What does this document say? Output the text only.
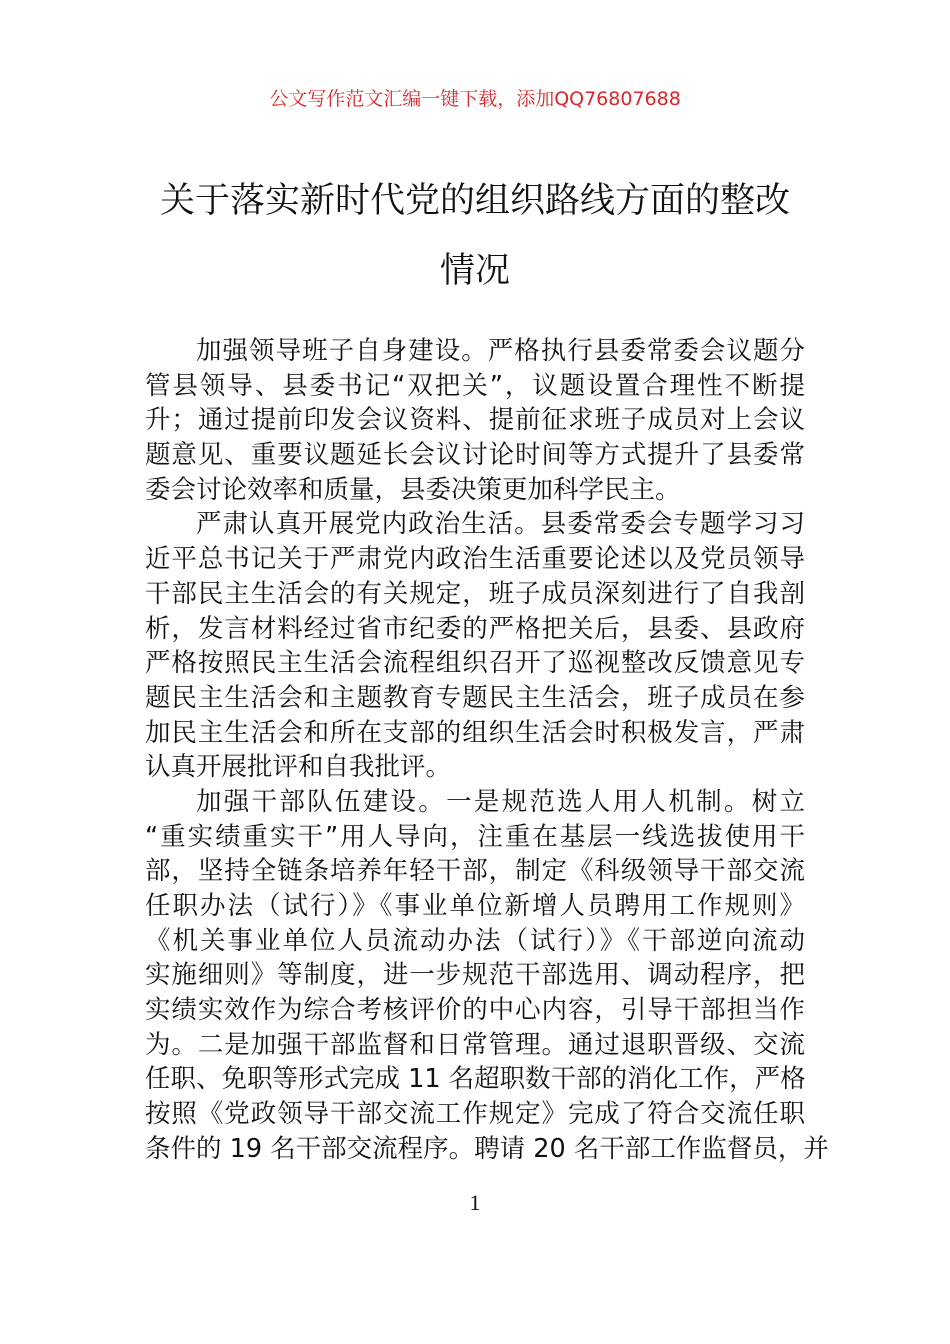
公文写作范文汇编一键下载，添加QQ76807688
关于落实新时代党的组织路线方面的整改
情况
加强领导班子自身建设。严格执行县委常委会议题分
管县领导、县委书记“双把关”，议题设置合理性不断提
升；通过提前印发会议资料、提前征求班子成员对上会议
题意见、重要议题延长会议讨论时间等方式提升了县委常
委会讨论效率和质量，县委决策更加科学民主。
严肃认真开展党内政治生活。县委常委会专题学习习
近平总书记关于严肃党内政治生活重要论述以及党员领导
干部民主生活会的有关规定，班子成员深刻进行了自我剖
析，发言材料经过省市纪委的严格把关后，县委、县政府
严格按照民主生活会流程组织召开了巡视整改反馈意见专
题民主生活会和主题教育专题民主生活会，班子成员在参
加民主生活会和所在支部的组织生活会时积极发言，严肃
认真开展批评和自我批评。
加强干部队伍建设。一是规范选人用人机制。树立
“重实绩重实干”用人导向，注重在基层一线选拔使用干
部，坚持全链条培养年轻干部，制定《科级领导干部交流
任职办法（试行）》《事业单位新增人员聘用工作规则》
《机关事业单位人员流动办法（试行）》《干部逆向流动
实施细则》等制度，进一步规范干部选用、调动程序，把
实绩实效作为综合考核评价的中心内容，引导干部担当作
为。二是加强干部监督和日常管理。通过退职晋级、交流
任职、免职等形式完成 11 名超职数干部的消化工作，严格
按照《党政领导干部交流工作规定》完成了符合交流任职
条件的 19 名干部交流程序。聘请 20 名干部工作监督员，并
1
